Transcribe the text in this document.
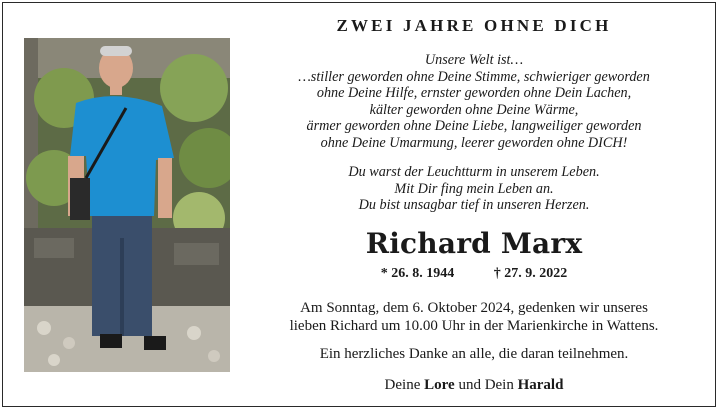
ZWEI JAHRE OHNE DICH
Unsere Welt ist…
…stiller geworden ohne Deine Stimme, schwieriger geworden
ohne Deine Hilfe, ernster geworden ohne Dein Lachen,
kälter geworden ohne Deine Wärme,
ärmer geworden ohne Deine Liebe, langweiliger geworden
ohne Deine Umarmung, leerer geworden ohne DICH!
Du warst der Leuchtturm in unserem Leben.
Mit Dir fing mein Leben an.
Du bist unsagbar tief in unseren Herzen.
Richard Marx
* 26. 8. 1944	† 27. 9. 2022
Am Sonntag, dem 6. Oktober 2024, gedenken wir unseres
lieben Richard um 10.00 Uhr in der Marienkirche in Wattens.
Ein herzliches Danke an alle, die daran teilnehmen.
Deine Lore und Dein Harald
